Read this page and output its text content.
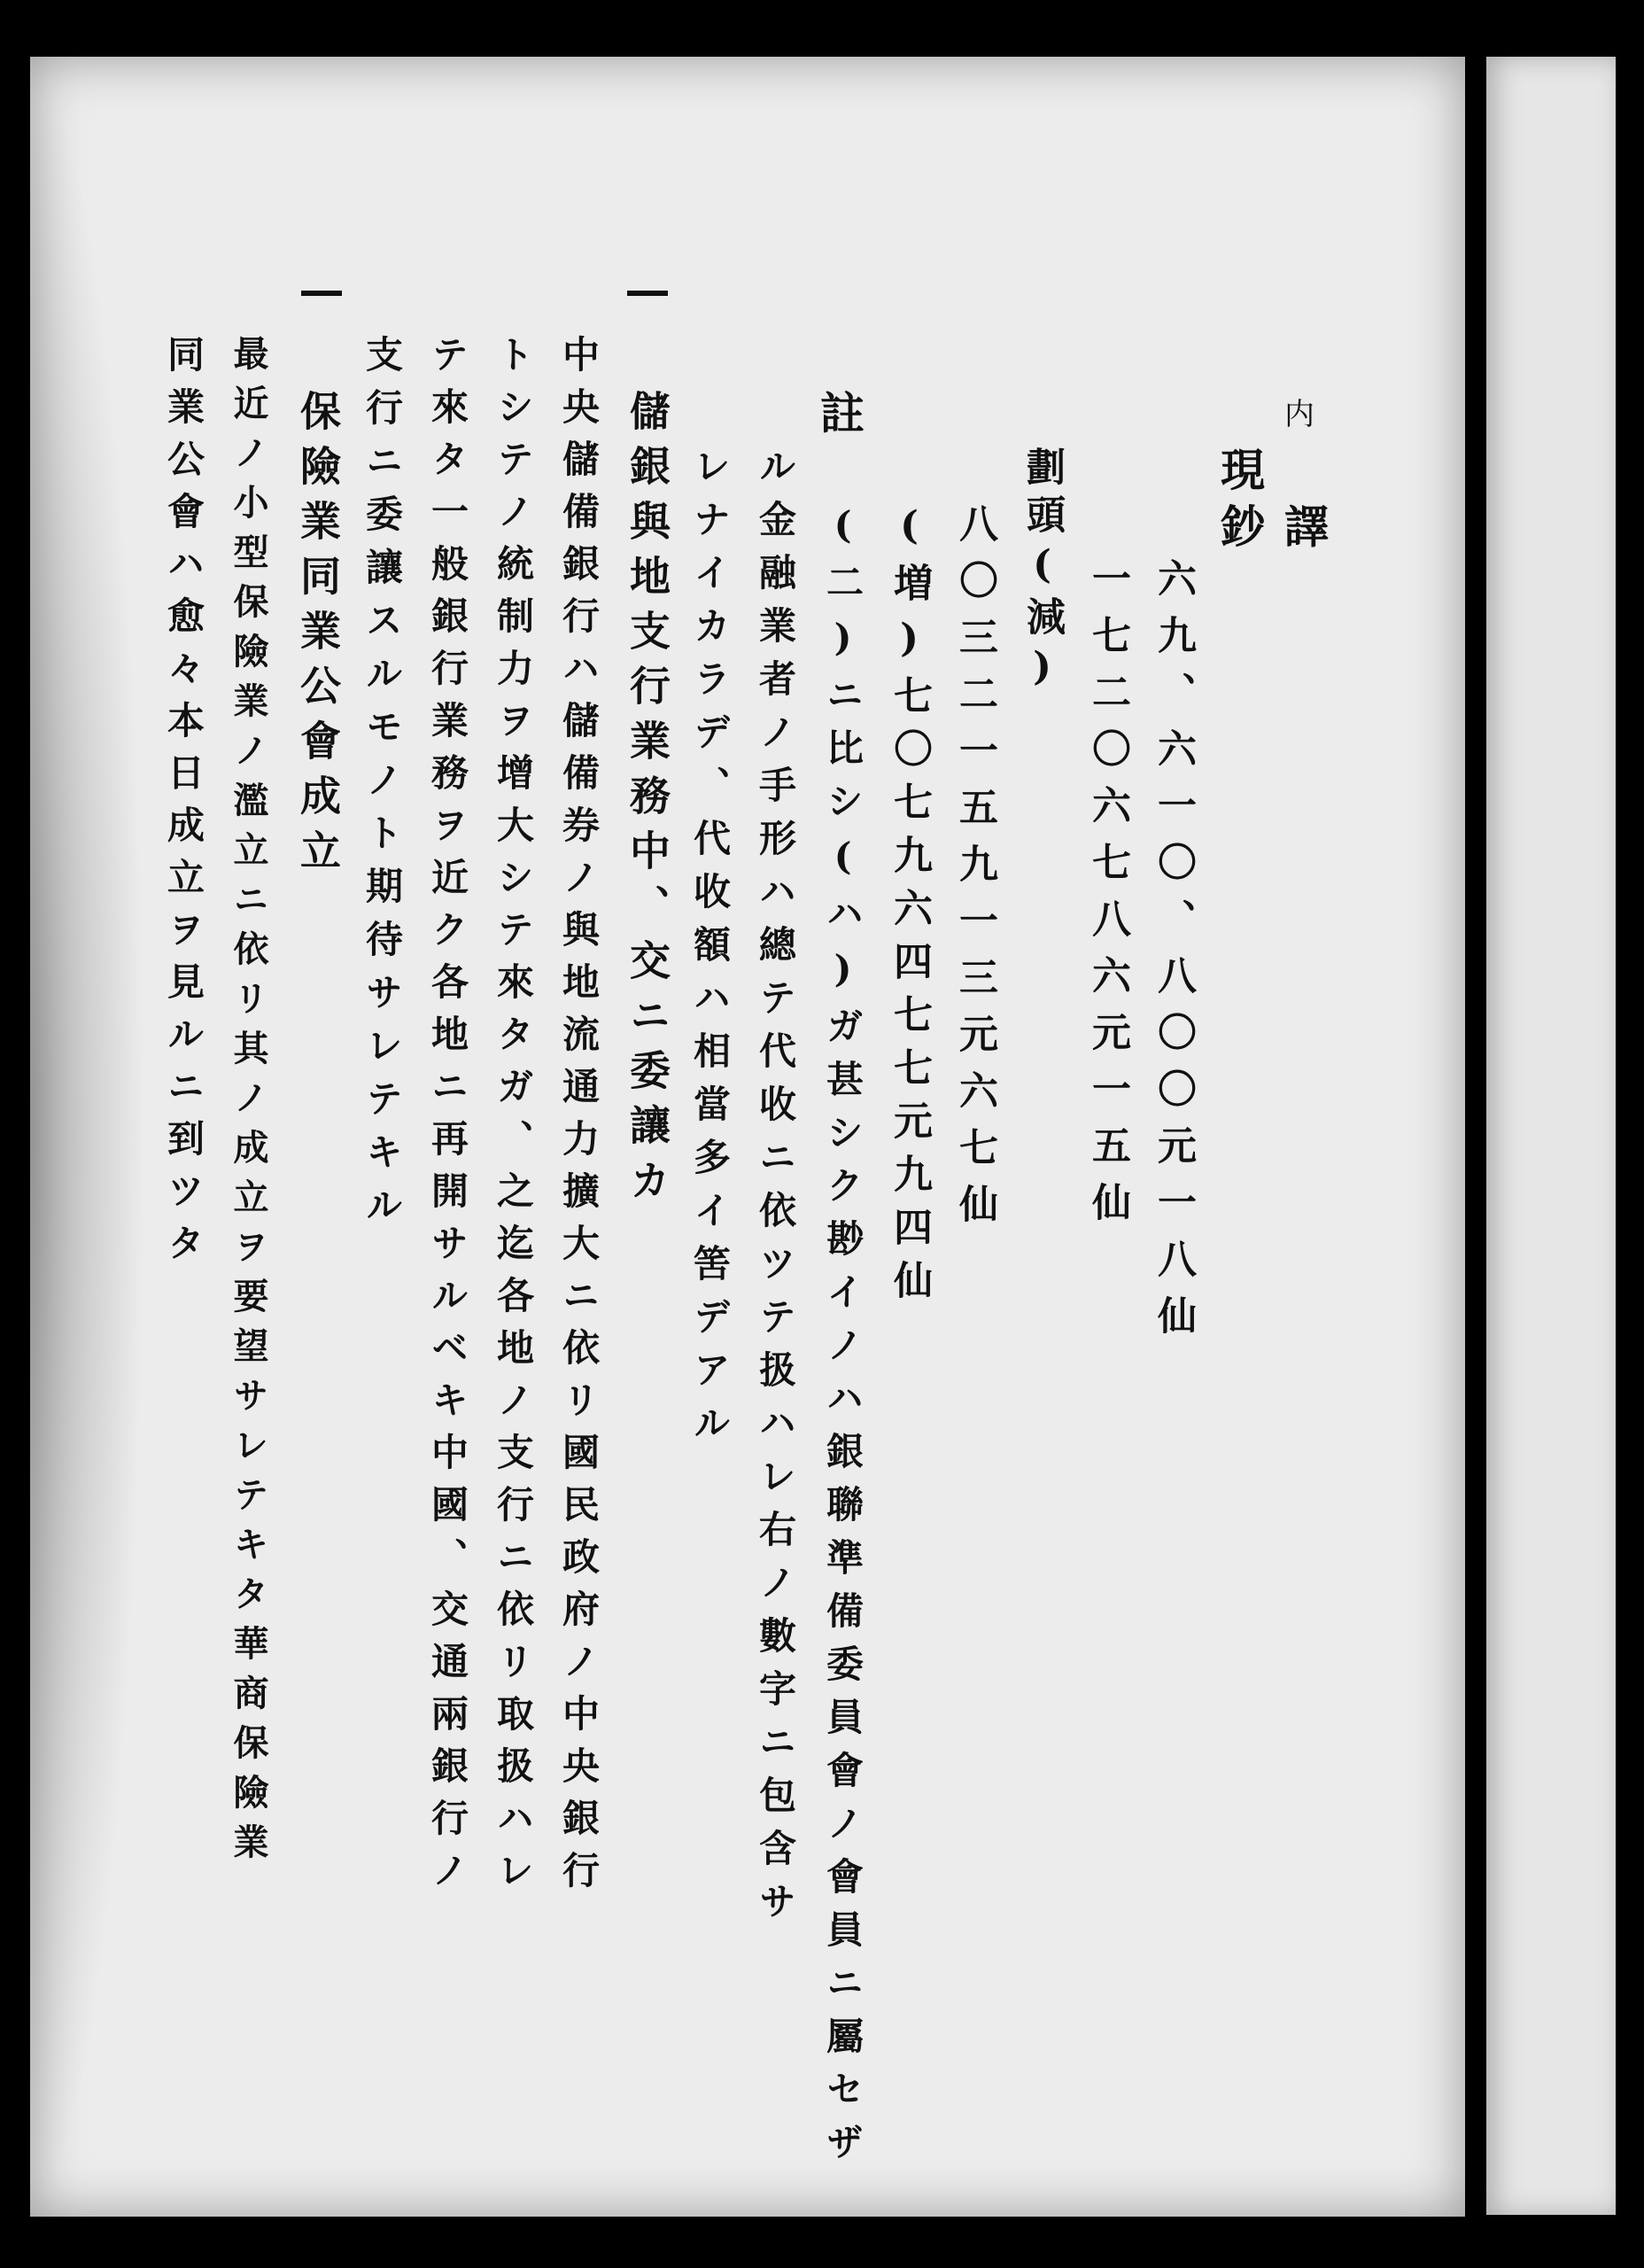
内
譯
現鈔
六九、六一〇、八〇〇元一八仙
一七二〇六七八六元一五仙
劃頭(減)
八〇三二一五九一三元六七仙
(増)七〇七九六四七七元九四仙
(二)ニ比シ(ハ)ガ甚シク尠イノハ銀聯準備委員會ノ會員ニ屬セザ
註
ル金融業者ノ手形ハ總テ代收ニ依ツテ扱ハレ右ノ數字ニ包含サ
レナイカラデ、代收額ハ相當多イ筈デアル
儲銀與地支行業務中、交ニ委讓カ
中央儲備銀行ハ儲備券ノ與地流通力擴大ニ依リ國民政府ノ中央銀行
トシテノ統制力ヲ增大シテ來タガ、之迄各地ノ支行ニ依リ取扱ハレ
テ來タ一般銀行業務ヲ近ク各地ニ再開サルベキ中國、交通兩銀行ノ
支行ニ委讓スルモノト期待サレテキル
保險業同業公會成立
最近ノ小型保險業ノ濫立ニ依リ其ノ成立ヲ要望サレテキタ華商保險業
同業公會ハ愈々本日成立ヲ見ルニ到ツタ
